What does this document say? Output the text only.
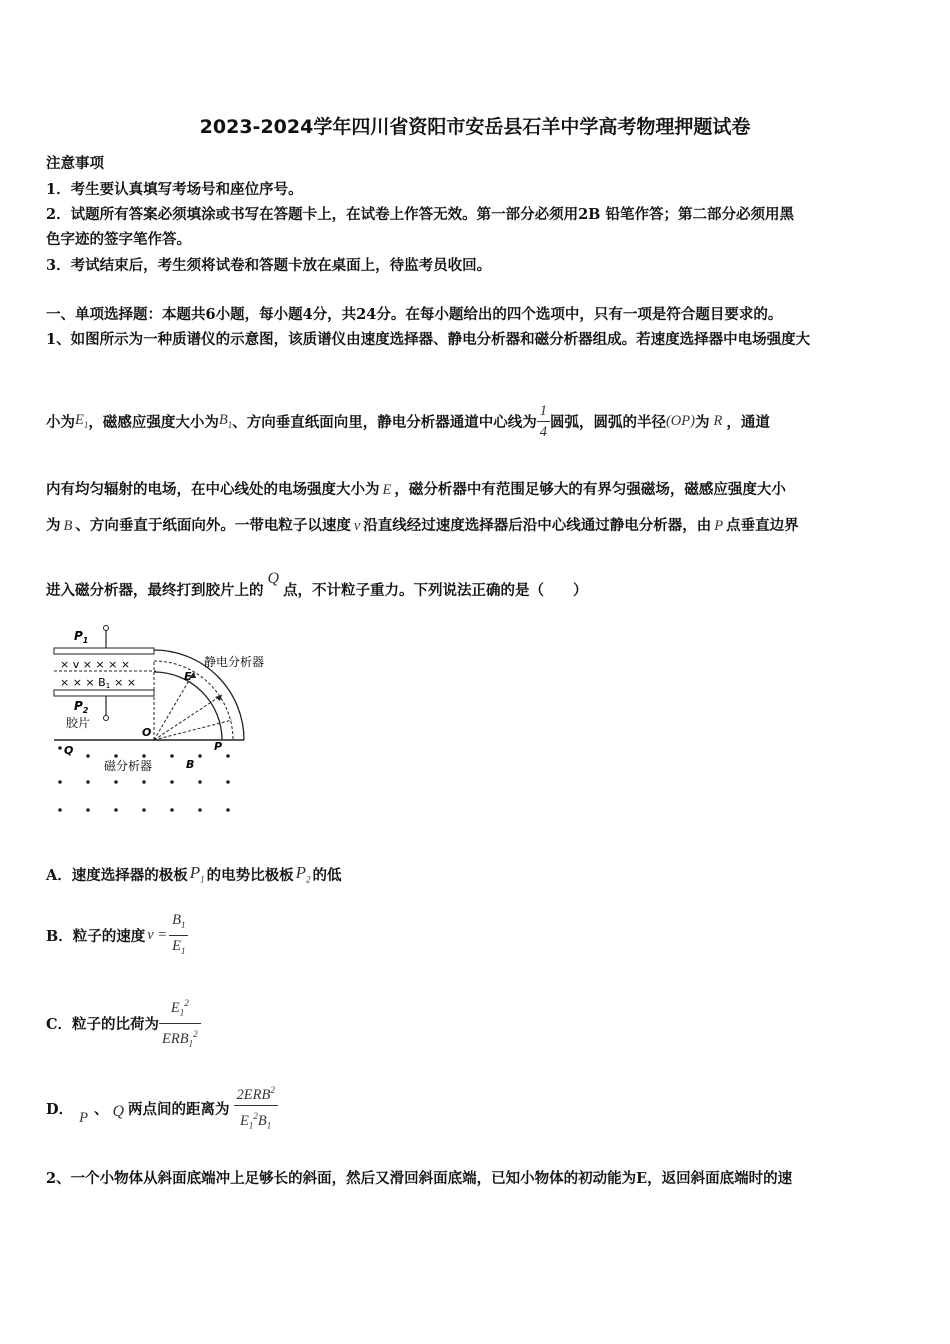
2023-2024学年四川省资阳市安岳县石羊中学高考物理押题试卷
注意事项
1．考生要认真填写考场号和座位序号。
2．试题所有答案必须填涂或书写在答题卡上，在试卷上作答无效。第一部分必须用2B 铅笔作答；第二部分必须用黑
色字迹的签字笔作答。
3．考试结束后，考生须将试卷和答题卡放在桌面上，待监考员收回。
一、单项选择题：本题共6小题，每小题4分，共24分。在每小题给出的四个选项中，只有一项是符合题目要求的。
1、如图所示为一种质谱仪的示意图，该质谱仪由速度选择器、静电分析器和磁分析器组成。若速度选择器中电场强度大
小为 $E_1$ ，磁感应强度大小为 $B_1$ 、方向垂直纸面向里，静电分析器通道中心线为 $\frac{1}{4}$ 圆弧，圆弧的半径 (OP) 为 R ，通道
内有均匀辐射的电场，在中心线处的电场强度大小为 E ，磁分析器中有范围足够大的有界匀强磁场，磁感应强度大小
为 B 、方向垂直于纸面向外。一带电粒子以速度 v 沿直线经过速度选择器后沿中心线通过静电分析器，由 P 点垂直边界
进入磁分析器，最终打到胶片上的
Q
点，不计粒子重力。下列说法正确的是（　　）
$P_1$
$P_2$
× v × × × ×
× × × B1 × ×
胶片
静电分析器
E
O
Q	P
磁分析器	B
A．速度选择器的极板 $P_1$ 的电势比极板 $P_2$ 的低
B．粒子的速度 $v = \frac{B_1}{E_1}$
C．粒子的比荷为 $\frac{E_1^2}{ERB_1^2}$
D． P 、 Q 两点间的距离为 $\frac{2ERB^2}{E_1^2B_1}$
2、一个小物体从斜面底端冲上足够长的斜面，然后又滑回斜面底端，已知小物体的初动能为E，返回斜面底端时的速
